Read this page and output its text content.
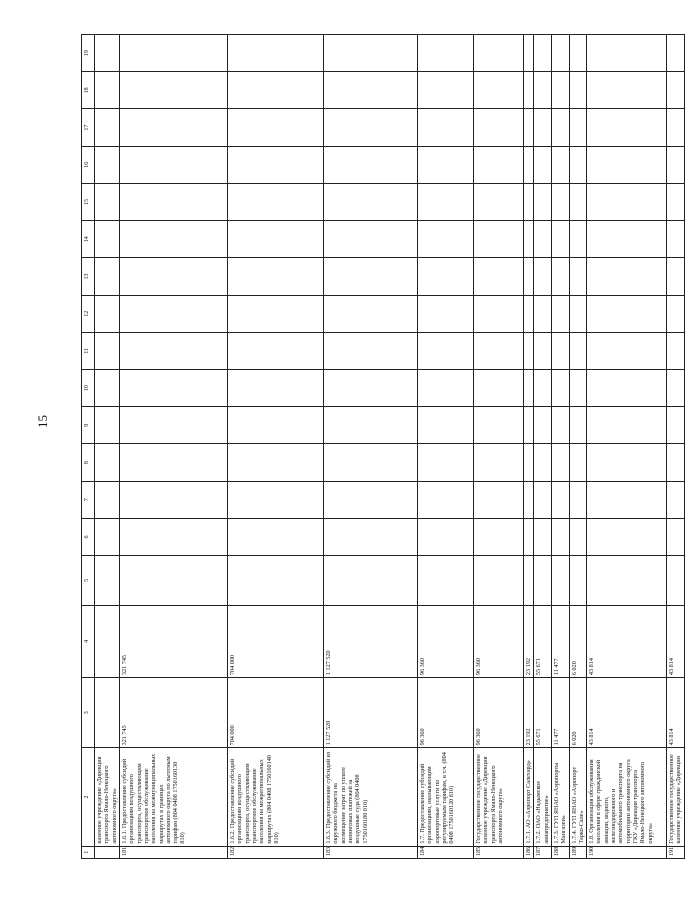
15
1	2	3	4	5	6	7	8	9	10	11	12	13	14	15	16	17	18	19
	казенное учреждение «Дирекция транспорта Ямало-Ненецкого автономного округа»																	
181	1.6.1. Предоставление субсидий организациям воздушного транспорта, осуществляющим транспортное обслуживание населения на межмуниципальных маршрутах в границах автономного округа по льготным тарифам (804 0408 1750160130 810)	321 745	321 745															
182	1.6.2. Предоставление субсидий организациям воздушного транспорта, осуществляющим транспортное обслуживание населения на межрегиональных маршрутах (804 0408 1750160140 810)	704 000	704 000															
183	1.6.3. Предоставление субсидий из окружного бюджета на возмещение затрат по уплате лизинговых платежей за воздушные суда (804 0408 1750160180 810)	1 127 520	1 127 520															
184	1.7. Предоставление субсидий организациям, оказывающим аэропортовые услуги по регулируемым тарифам, в т.ч. (804 0408 1750160120 810)	96 360	96 360															
185	Государственное государственное казенное учреждение «Дирекция транспорта Ямало-Ненецкого автономного округа»	96 360	96 360															
186	1.7.1. АО «Аэропорт Салехард»	23 192	23 192															
187	1.7.2. ОАО «Надымское авиапредприятие»	55 671	55 671															
188	1.7.3. ГУП ЯНАО «Аэропорты Мангазеи»	11 477	11 477															
189	1.7.4. ГУП ЯНАО «Аэропорт Тарко-Сале»	6 020	6 020															
190	1.8. Организация обслуживания населения в сфере гражданской авиации, водного, железнодорожного и автомобильного транспорта на территории автономного округа ГКУ «Дирекция транспорта Ямало-Ненецкого автономного округа»	43 814	43 814															
191	Государственное государственное казенное учреждение «Дирекции	43 814	43 814															
